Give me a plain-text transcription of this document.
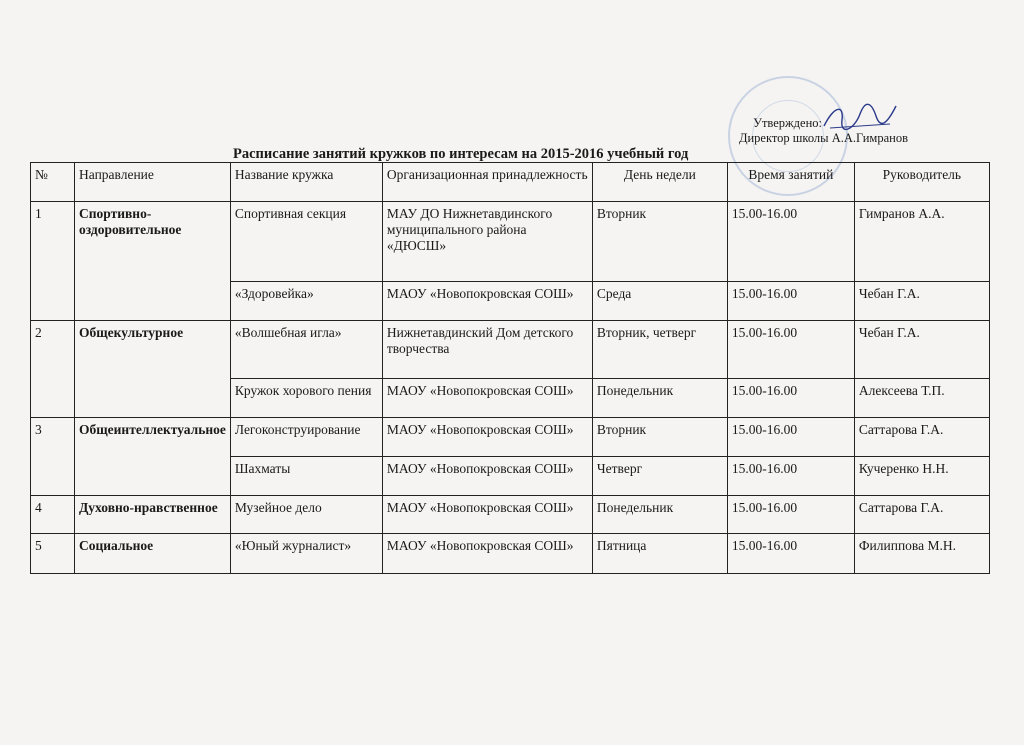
Утверждено:
Директор школы А.А.Гимранов
Расписание занятий кружков по интересам на 2015-2016 учебный год
№	Направление	Название кружка	Организационная принадлежность	День недели	Время занятий	Руководитель
1	Спортивно-оздоровительное	Спортивная секция	МАУ ДО Нижнетавдинского муниципального района «ДЮСШ»	Вторник	15.00-16.00	Гимранов А.А.
		«Здоровейка»	МАОУ «Новопокровская СОШ»	Среда	15.00-16.00	Чебан Г.А.
2	Общекультурное	«Волшебная игла»	Нижнетавдинский Дом детского творчества	Вторник, четверг	15.00-16.00	Чебан Г.А.
		Кружок хорового пения	МАОУ «Новопокровская СОШ»	Понедельник	15.00-16.00	Алексеева Т.П.
3	Общеинтеллектуальное	Легоконструирование	МАОУ «Новопокровская СОШ»	Вторник	15.00-16.00	Саттарова Г.А.
		Шахматы	МАОУ «Новопокровская СОШ»	Четверг	15.00-16.00	Кучеренко Н.Н.
4	Духовно-нравственное	Музейное дело	МАОУ «Новопокровская СОШ»	Понедельник	15.00-16.00	Саттарова Г.А.
5	Социальное	«Юный журналист»	МАОУ «Новопокровская СОШ»	Пятница	15.00-16.00	Филиппова М.Н.
